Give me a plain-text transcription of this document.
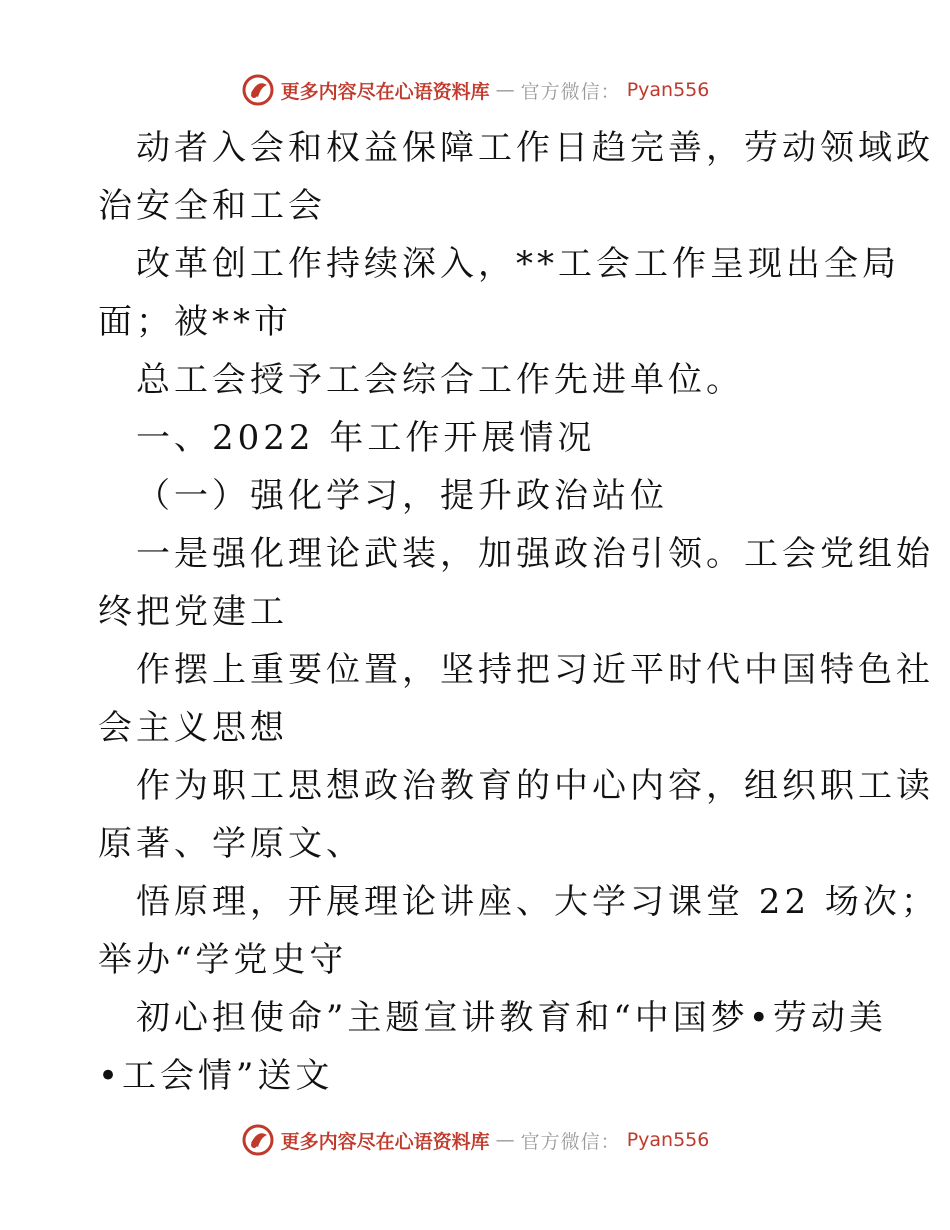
更多内容尽在心语资料库 — 官方微信： Pyan556
动者入会和权益保障工作日趋完善，劳动领域政
治安全和工会
改革创工作持续深入，**工会工作呈现出全局
面；被**市
总工会授予工会综合工作先进单位。
一、2022 年工作开展情况
（一）强化学习，提升政治站位
一是强化理论武装，加强政治引领。工会党组始
终把党建工
作摆上重要位置，坚持把习近平时代中国特色社
会主义思想
作为职工思想政治教育的中心内容，组织职工读
原著、学原文、
悟原理，开展理论讲座、大学习课堂 22 场次；
举办“学党史守
初心担使命”主题宣讲教育和“中国梦•劳动美
•工会情”送文
更多内容尽在心语资料库 — 官方微信： Pyan556
